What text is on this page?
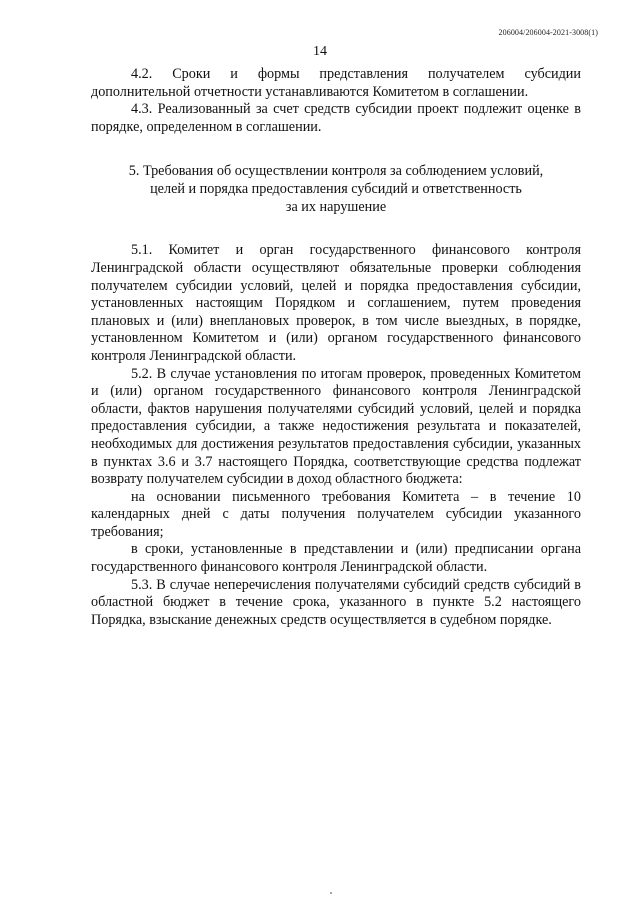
206004/206004-2021-3008(1)
14

4.2. Сроки и формы представления получателем субсидии дополнительной отчетности устанавливаются Комитетом в соглашении.

4.3. Реализованный за счет средств субсидии проект подлежит оценке в порядке, определенном в соглашении.

5. Требования об осуществлении контроля за соблюдением условий,
целей и порядка предоставления субсидий и ответственность
за их нарушение

5.1. Комитет и орган государственного финансового контроля Ленинградской области осуществляют обязательные проверки соблюдения получателем субсидии условий, целей и порядка предоставления субсидии, установленных настоящим Порядком и соглашением, путем проведения плановых и (или) внеплановых проверок, в том числе выездных, в порядке, установленном Комитетом и (или) органом государственного финансового контроля Ленинградской области.

5.2. В случае установления по итогам проверок, проведенных Комитетом и (или) органом государственного финансового контроля Ленинградской области, фактов нарушения получателями субсидий условий, целей и порядка предоставления субсидии, а также недостижения результата и показателей, необходимых для достижения результатов предоставления субсидии, указанных в пунктах 3.6 и 3.7 настоящего Порядка, соответствующие средства подлежат возврату получателем субсидии в доход областного бюджета:

на основании письменного требования Комитета – в течение 10 календарных дней с даты получения получателем субсидии указанного требования;

в сроки, установленные в представлении и (или) предписании органа государственного финансового контроля Ленинградской области.

5.3. В случае неперечисления получателями субсидий средств субсидий в областной бюджет в течение срока, указанного в пункте 5.2 настоящего Порядка, взыскание денежных средств осуществляется в судебном порядке.
